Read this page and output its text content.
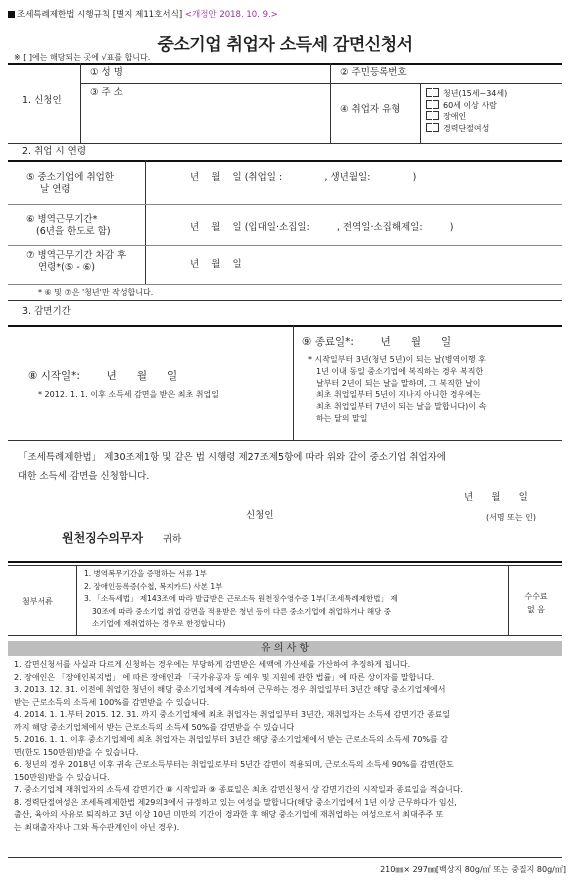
조세특례제한법 시행규칙 [별지 제11호서식] <개정안 2018. 10. 9.>
중소기업 취업자 소득세 감면신청서
※ [ ]에는 해당되는 곳에 √표를 합니다.
1. 신청인
① 성 명	② 주민등록번호
③ 주 소
④ 취업자 유형
청년(15세~34세)
60세 이상 사람
장애인
경력단절여성
2. 취업 시 연령
⑤ 중소기업에 취업한
날 연령
년    월    일 (취업일 :              , 생년월일:              )
⑥ 병역근무기간*
(6년을 한도로 함)	년    월    일 (입대일·소집일:         , 전역일·소집해제일:         )
⑦ 병역근무기간 차감 후
연령*(⑤ - ⑥)	년    월    일
* ⑥ 및 ⑦은 '청년'만 작성합니다.
3. 감면기간
⑧ 시작일*:        년      월      일
* 2012. 1. 1. 이후 소득세 감면을 받은 최초 취업일
⑨ 종료일*:        년      월      일
* 시작일부터 3년(청년 5년)이 되는 날(병역이행 후
1년 이내 동일 중소기업에 복직하는 경우 복직한
날부터 2년이 되는 날을 말하며, 그 복직한 날이
최초 취업일부터 5년이 지나지 아니한 경우에는
최초 취업일부터 7년이 되는 날을 말합니다)이 속
하는 달의 말일
「조세특례제한법」 제30조제1항 및 같은 법 시행령 제27조제5항에 따라 위와 같이 중소기업 취업자에
대한 소득세 감면을 신청합니다.
년      월      일
신청인	(서명 또는 인)
원천징수의무자 귀하
첨부서류
1. 병역복무기간을 증명하는 서류 1부
2. 장애인등록증(수첩, 복지카드) 사본 1부
3. 「소득세법」 제143조에 따라 발급받은 근로소득 원천징수영수증 1부(「조세특례제한법」 제
30조에 따라 중소기업 취업 감면을 적용받은 청년 등이 다른 중소기업에 취업하거나 해당 중
소기업에 재취업하는 경우로 한정합니다)
수수료
없 음
유 의 사 항
1. 감면신청서를 사실과 다르게 신청하는 경우에는 부당하게 감면받은 세액에 가산세를 가산하여 추징하게 됩니다.
2. 장애인은 「장애인복지법」 에 따른 장애인과 「국가유공자 등 예우 및 지원에 관한 법률」에 따른 상이자를 말합니다.
3. 2013. 12. 31. 이전에 취업한 청년이 해당 중소기업체에 계속하여 근무하는 경우 취업일부터 3년간 해당 중소기업체에서
받는 근로소득의 소득세 100%를 감면받을 수 있습니다.
4. 2014. 1. 1.부터 2015. 12. 31. 까지 중소기업체에 최초 취업자는 취업일부터 3년간, 재취업자는 소득세 감면기간 종료일
까지 해당 중소기업체에서 받는 근로소득의 소득세 50%를 감면받을 수 있습니다
5. 2016. 1. 1. 이후 중소기업체에 최초 취업자는 취업일부터 3년간 해당 중소기업체에서 받는 근로소득의 소득세 70%를 감
면(한도 150만원)받을 수 있습니다.
6. 청년의 경우 2018년 이후 귀속 근로소득부터는 취업일로부터 5년간 감면이 적용되며, 근로소득의 소득세 90%를 감면(한도
150만원)받을 수 있습니다.
7. 중소기업체 재취업자의 소득세 감면기간 ⑧ 시작일과 ⑨ 종료일은 최초 감면신청서 상 감면기간의 시작일과 종료일을 적습니다.
8. 경력단절여성은 조세특례제한법 제29의3에서 규정하고 있는 여성을 말합니다(해당 중소기업에서 1년 이상 근무하다가 임신,
출산, 육아의 사유로 퇴직하고 3년 이상 10년 미만의 기간이 경과한 후 해당 중소기업에 재취업하는 여성으로서 최대주주 또
는 최대출자자나 그와 특수관계인이 아닌 경우).
210㎜× 297㎜[백상지 80g/㎡ 또는 중질지 80g/㎡]
